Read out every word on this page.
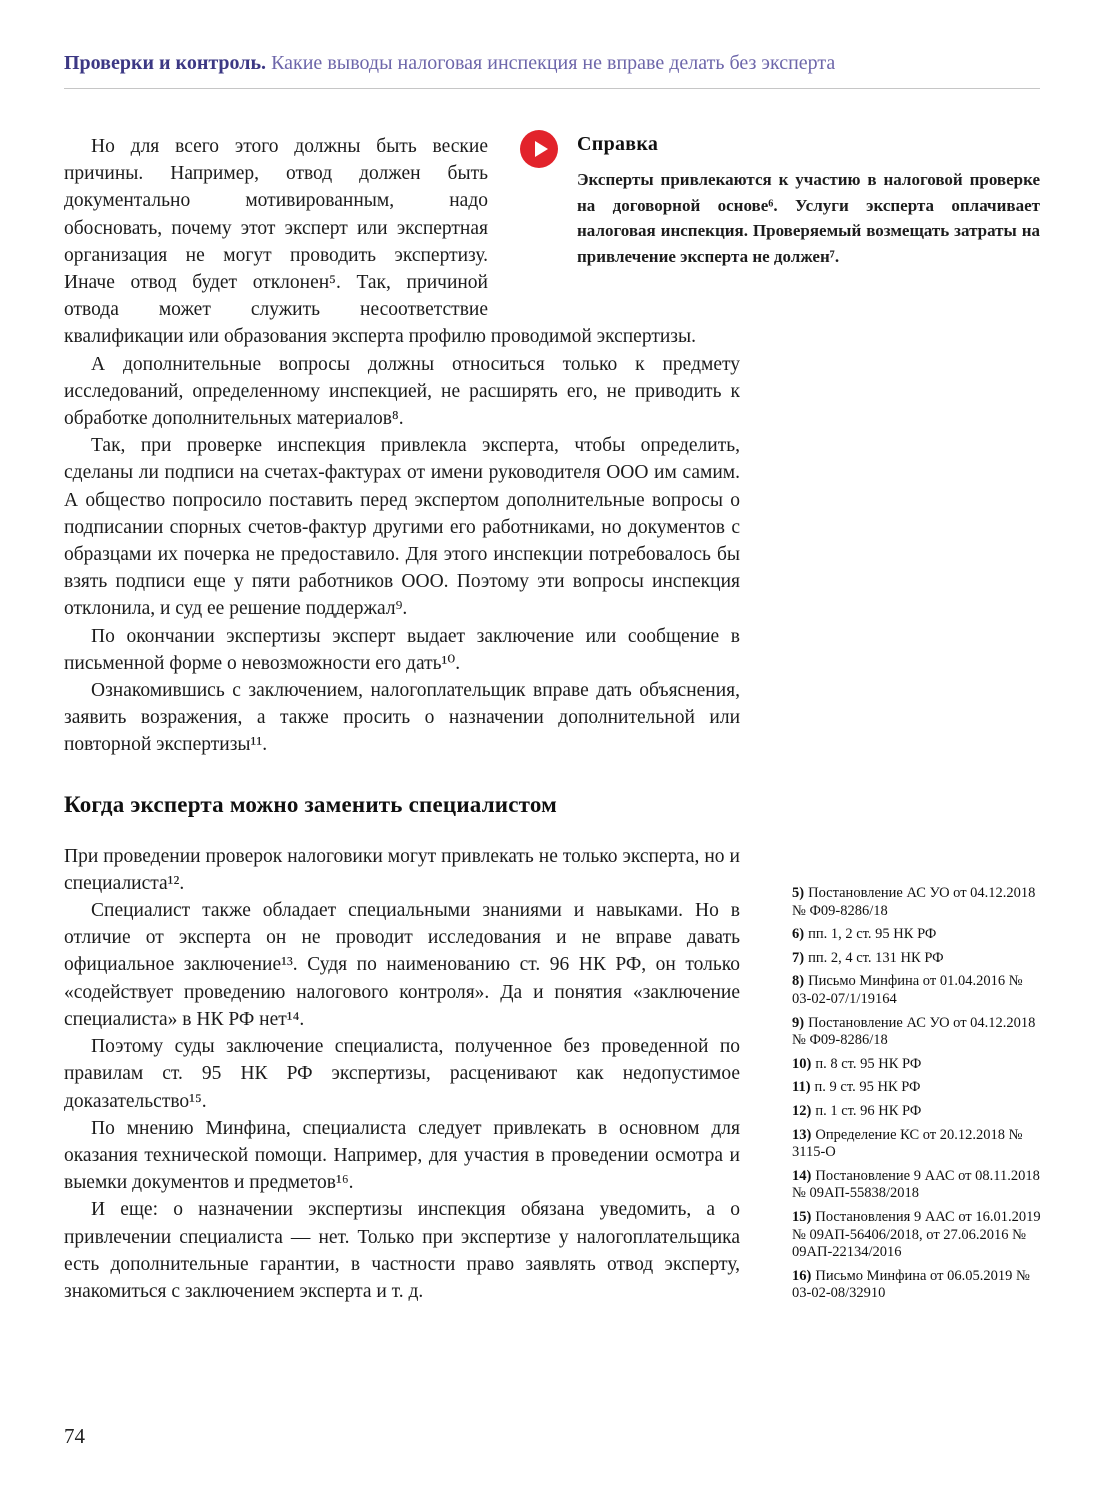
Проверки и контроль. Какие выводы налоговая инспекция не вправе делать без эксперта
Справка
Эксперты привлекаются к участию в налоговой проверке на договорной основе⁶. Услуги эксперта оплачивает налоговая инспекция. Проверяемый возмещать затраты на привлечение эксперта не должен⁷.

Но для всего этого должны быть веские причины. Например, отвод должен быть документально мотивированным, надо обосновать, почему этот эксперт или экспертная организация не могут проводить экспертизу. Иначе отвод будет отклонен⁵. Так, причиной отвода может служить несоответствие квалификации или образования эксперта профилю проводимой экспертизы.

А дополнительные вопросы должны относиться только к предмету исследований, определенному инспекцией, не расширять его, не приводить к обработке дополнительных материалов⁸.

Так, при проверке инспекция привлекла эксперта, чтобы определить, сделаны ли подписи на счетах-фактурах от имени руководителя ООО им самим. А общество попросило поставить перед экспертом дополнительные вопросы о подписании спорных счетов-фактур другими его работниками, но документов с образцами их почерка не предоставило. Для этого инспекции потребовалось бы взять подписи еще у пяти работников ООО. Поэтому эти вопросы инспекция отклонила, и суд ее решение поддержал⁹.

По окончании экспертизы эксперт выдает заключение или сообщение в письменной форме о невозможности его дать¹⁰.

Ознакомившись с заключением, налогоплательщик вправе дать объяснения, заявить возражения, а также просить о назначении дополнительной или повторной экспертизы¹¹.

Когда эксперта можно заменить специалистом

При проведении проверок налоговики могут привлекать не только эксперта, но и специалиста¹².

Специалист также обладает специальными знаниями и навыками. Но в отличие от эксперта он не проводит исследования и не вправе давать официальное заключение¹³. Судя по наименованию ст. 96 НК РФ, он только «содействует проведению налогового контроля». Да и понятия «заключение специалиста» в НК РФ нет¹⁴.

Поэтому суды заключение специалиста, полученное без проведенной по правилам ст. 95 НК РФ экспертизы, расценивают как недопустимое доказательство¹⁵.

По мнению Минфина, специалиста следует привлекать в основном для оказания технической помощи. Например, для участия в проведении осмотра и выемки документов и предметов¹⁶.

И еще: о назначении экспертизы инспекция обязана уведомить, а о привлечении специалиста — нет. Только при экспертизе у налогоплательщика есть дополнительные гарантии, в частности право заявлять отвод эксперту, знакомиться с заключением эксперта и т. д.

5) Постановление АС УО от 04.12.2018 № Ф09-8286/18
6) пп. 1, 2 ст. 95 НК РФ
7) пп. 2, 4 ст. 131 НК РФ
8) Письмо Минфина от 01.04.2016 № 03-02-07/1/19164
9) Постановление АС УО от 04.12.2018 № Ф09-8286/18
10) п. 8 ст. 95 НК РФ
11) п. 9 ст. 95 НК РФ
12) п. 1 ст. 96 НК РФ
13) Определение КС от 20.12.2018 № 3115-О
14) Постановление 9 ААС от 08.11.2018 № 09АП-55838/2018
15) Постановления 9 ААС от 16.01.2019 № 09АП-56406/2018, от 27.06.2016 № 09АП-22134/2016
16) Письмо Минфина от 06.05.2019 № 03-02-08/32910
74
